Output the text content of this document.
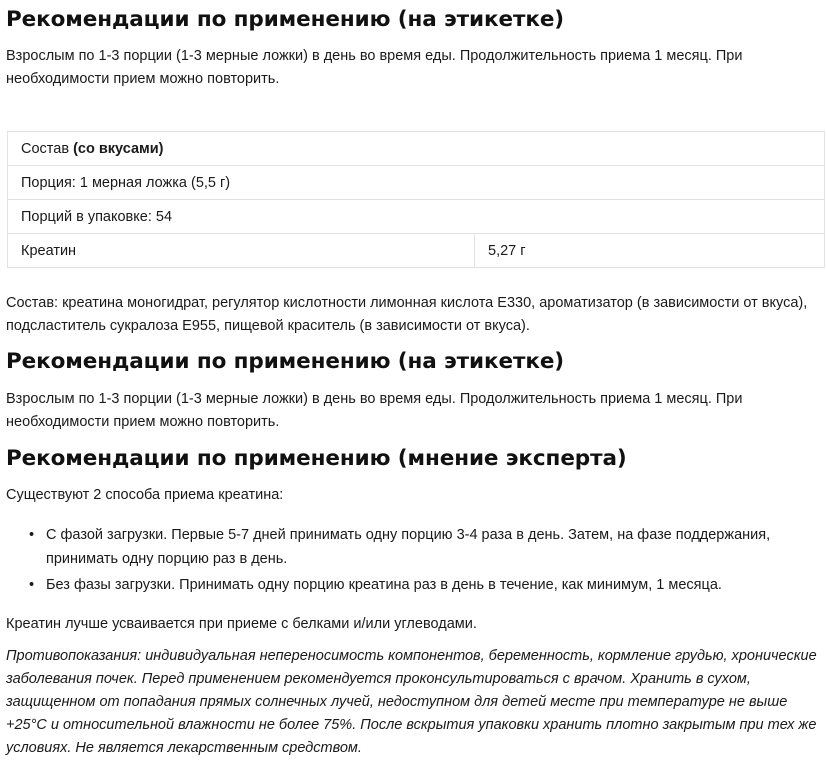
Рекомендации по применению (на этикетке)

Взрослым по 1-3 порции (1-3 мерные ложки) в день во время еды. Продолжительность приема 1 месяц. При необходимости прием можно повторить.

Состав (со вкусами)
Порция: 1 мерная ложка (5,5 г)
Порций в упаковке: 54
Креатин	5,27 г

Состав: креатина моногидрат, регулятор кислотности лимонная кислота Е330, ароматизатор (в зависимости от вкуса), подсластитель сукралоза Е955, пищевой краситель (в зависимости от вкуса).

Рекомендации по применению (на этикетке)

Взрослым по 1-3 порции (1-3 мерные ложки) в день во время еды. Продолжительность приема 1 месяц. При необходимости прием можно повторить.

Рекомендации по применению (мнение эксперта)

Существуют 2 способа приема креатина:

• С фазой загрузки. Первые 5-7 дней принимать одну порцию 3-4 раза в день. Затем, на фазе поддержания, принимать одну порцию раз в день.
• Без фазы загрузки. Принимать одну порцию креатина раз в день в течение, как минимум, 1 месяца.

Креатин лучше усваивается при приеме с белками и/или углеводами.

Противопоказания: индивидуальная непереносимость компонентов, беременность, кормление грудью, хронические заболевания почек. Перед применением рекомендуется проконсультироваться с врачом. Хранить в сухом, защищенном от попадания прямых солнечных лучей, недоступном для детей месте при температуре не выше +25°С и относительной влажности не более 75%. После вскрытия упаковки хранить плотно закрытым при тех же условиях. Не является лекарственным средством.
